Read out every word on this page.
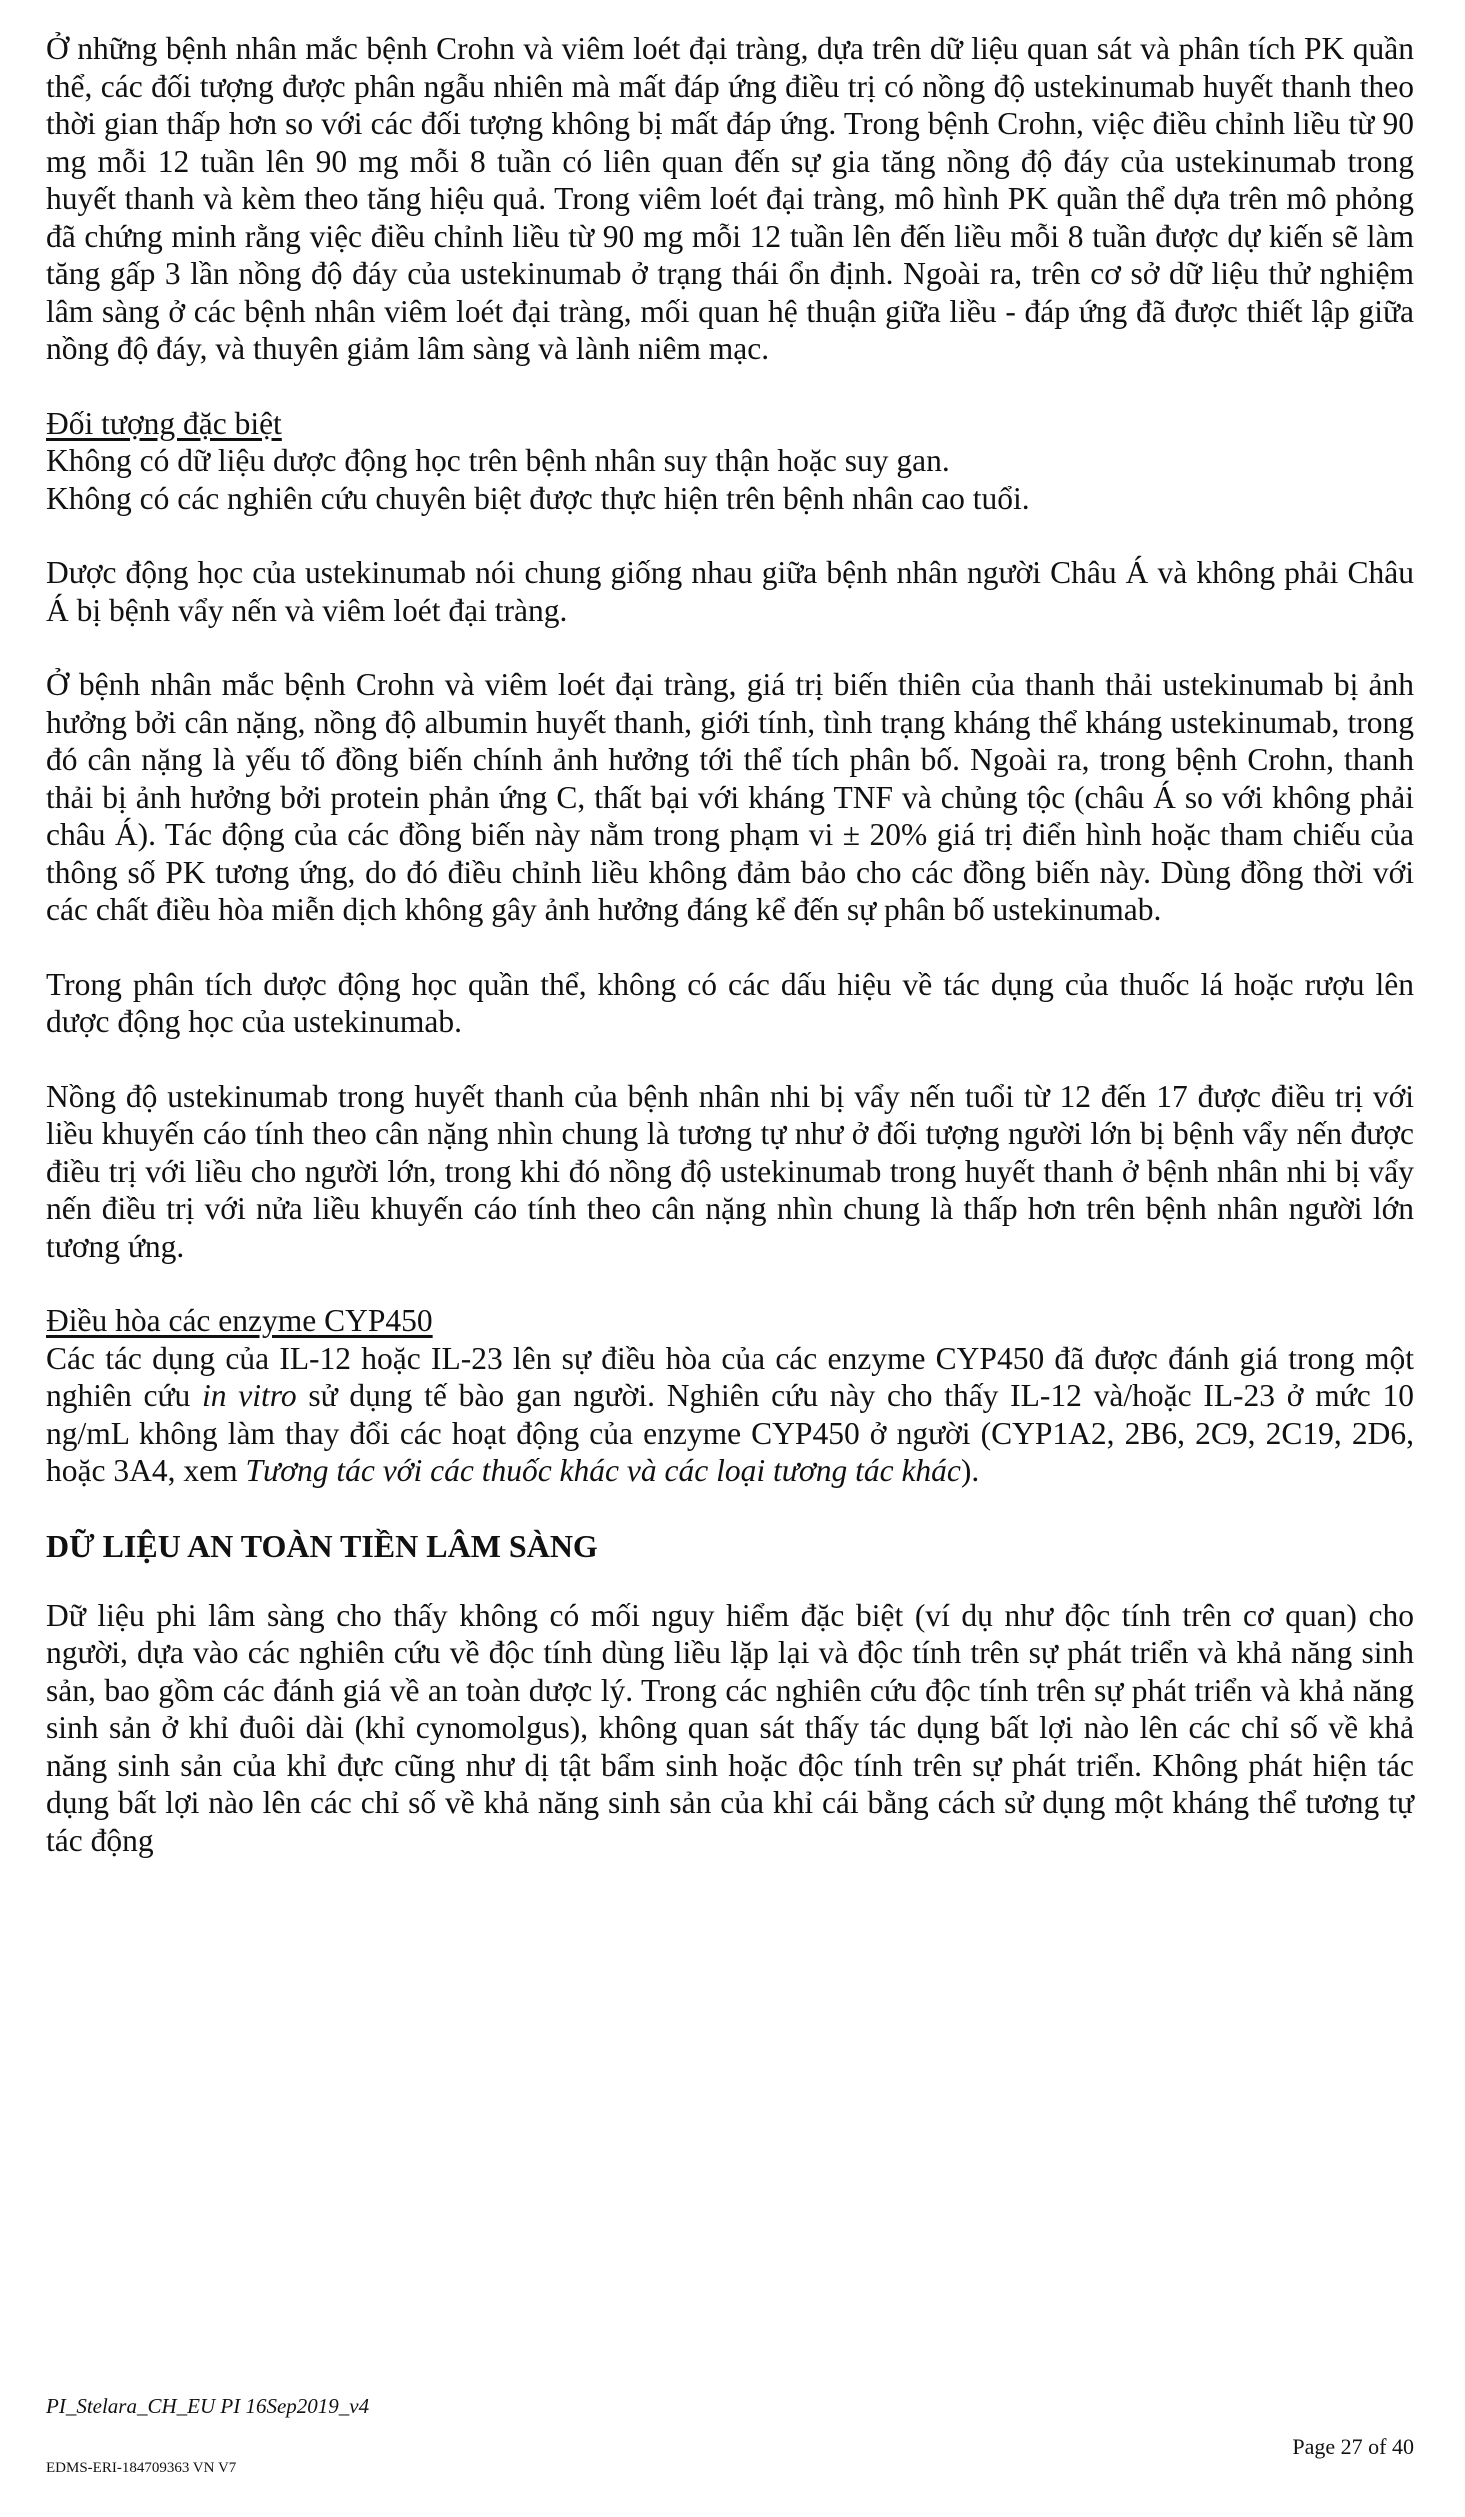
Ở những bệnh nhân mắc bệnh Crohn và viêm loét đại tràng, dựa trên dữ liệu quan sát và phân tích PK quần thể, các đối tượng được phân ngẫu nhiên mà mất đáp ứng điều trị có nồng độ ustekinumab huyết thanh theo thời gian thấp hơn so với các đối tượng không bị mất đáp ứng. Trong bệnh Crohn, việc điều chỉnh liều từ 90 mg mỗi 12 tuần lên 90 mg mỗi 8 tuần có liên quan đến sự gia tăng nồng độ đáy của ustekinumab trong huyết thanh và kèm theo tăng hiệu quả. Trong viêm loét đại tràng, mô hình PK quần thể dựa trên mô phỏng đã chứng minh rằng việc điều chỉnh liều từ 90 mg mỗi 12 tuần lên đến liều mỗi 8 tuần được dự kiến sẽ làm tăng gấp 3 lần nồng độ đáy của ustekinumab ở trạng thái ổn định. Ngoài ra, trên cơ sở dữ liệu thử nghiệm lâm sàng ở các bệnh nhân viêm loét đại tràng, mối quan hệ thuận giữa liều - đáp ứng đã được thiết lập giữa nồng độ đáy, và thuyên giảm lâm sàng và lành niêm mạc.

Đối tượng đặc biệt

Không có dữ liệu dược động học trên bệnh nhân suy thận hoặc suy gan.

Không có các nghiên cứu chuyên biệt được thực hiện trên bệnh nhân cao tuổi.

Dược động học của ustekinumab nói chung giống nhau giữa bệnh nhân người Châu Á và không phải Châu Á bị bệnh vẩy nến và viêm loét đại tràng.

Ở bệnh nhân mắc bệnh Crohn và viêm loét đại tràng, giá trị biến thiên của thanh thải ustekinumab bị ảnh hưởng bởi cân nặng, nồng độ albumin huyết thanh, giới tính, tình trạng kháng thể kháng ustekinumab, trong đó cân nặng là yếu tố đồng biến chính ảnh hưởng tới thể tích phân bố. Ngoài ra, trong bệnh Crohn, thanh thải bị ảnh hưởng bởi protein phản ứng C, thất bại với kháng TNF và chủng tộc (châu Á so với không phải châu Á). Tác động của các đồng biến này nằm trong phạm vi ± 20% giá trị điển hình hoặc tham chiếu của thông số PK tương ứng, do đó điều chỉnh liều không đảm bảo cho các đồng biến này. Dùng đồng thời với các chất điều hòa miễn dịch không gây ảnh hưởng đáng kể đến sự phân bố ustekinumab.

Trong phân tích dược động học quần thể, không có các dấu hiệu về tác dụng của thuốc lá hoặc rượu lên dược động học của ustekinumab.

Nồng độ ustekinumab trong huyết thanh của bệnh nhân nhi bị vẩy nến tuổi từ 12 đến 17 được điều trị với liều khuyến cáo tính theo cân nặng nhìn chung là tương tự như ở đối tượng người lớn bị bệnh vẩy nến được điều trị với liều cho người lớn, trong khi đó nồng độ ustekinumab trong huyết thanh ở bệnh nhân nhi bị vẩy nến điều trị với nửa liều khuyến cáo tính theo cân nặng nhìn chung là thấp hơn trên bệnh nhân người lớn tương ứng.

Điều hòa các enzyme CYP450

Các tác dụng của IL-12 hoặc IL-23 lên sự điều hòa của các enzyme CYP450 đã được đánh giá trong một nghiên cứu in vitro sử dụng tế bào gan người. Nghiên cứu này cho thấy IL-12 và/hoặc IL-23 ở mức 10 ng/mL không làm thay đổi các hoạt động của enzyme CYP450 ở người (CYP1A2, 2B6, 2C9, 2C19, 2D6, hoặc 3A4, xem Tương tác với các thuốc khác và các loại tương tác khác).

DỮ LIỆU AN TOÀN TIỀN LÂM SÀNG

Dữ liệu phi lâm sàng cho thấy không có mối nguy hiểm đặc biệt (ví dụ như độc tính trên cơ quan) cho người, dựa vào các nghiên cứu về độc tính dùng liều lặp lại và độc tính trên sự phát triển và khả năng sinh sản, bao gồm các đánh giá về an toàn dược lý. Trong các nghiên cứu độc tính trên sự phát triển và khả năng sinh sản ở khỉ đuôi dài (khỉ cynomolgus), không quan sát thấy tác dụng bất lợi nào lên các chỉ số về khả năng sinh sản của khỉ đực cũng như dị tật bẩm sinh hoặc độc tính trên sự phát triển. Không phát hiện tác dụng bất lợi nào lên các chỉ số về khả năng sinh sản của khỉ cái bằng cách sử dụng một kháng thể tương tự tác động

PI_Stelara_CH_EU PI 16Sep2019_v4
Page 27 of 40
EDMS-ERI-184709363 VN V7
